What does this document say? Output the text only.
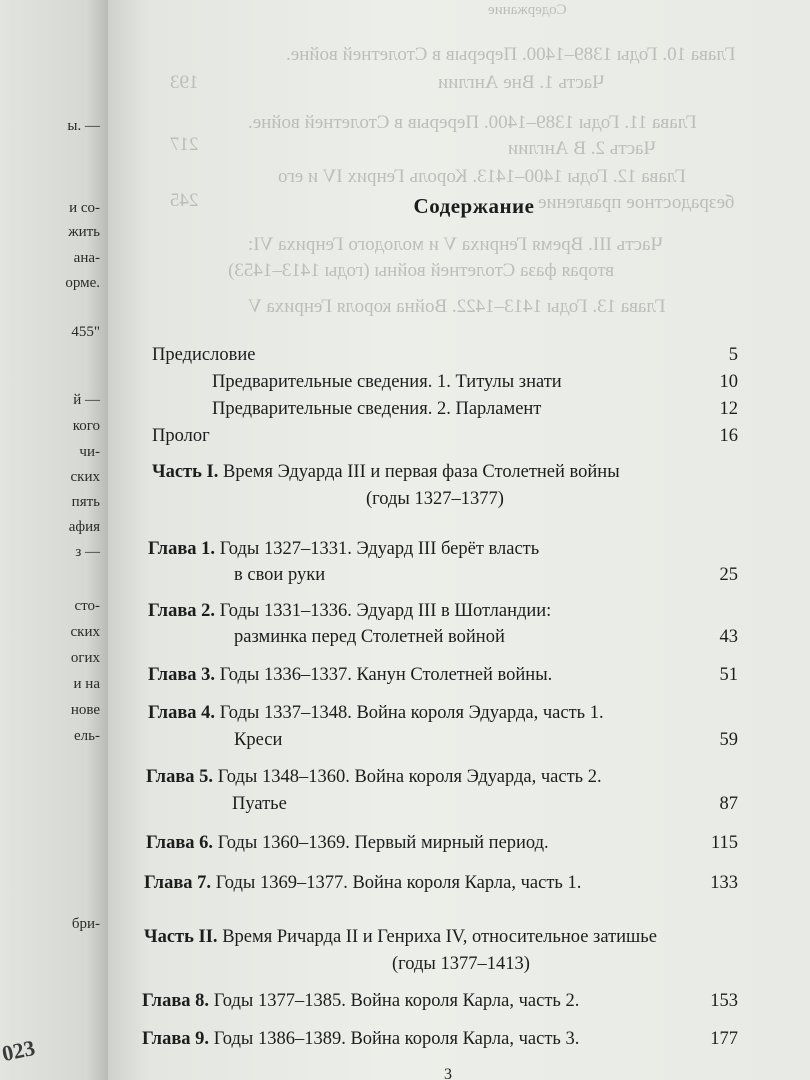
ы. —
и со-
жить
ана-
орме.
455"
й —
кого
чи-
ских
пять
афия
з —
сто-
ских
огих
и на
нове
ель-
бри-
023
Содержание
Глава 10. Годы 1389–1400. Перерыв в Столетней войне.
Часть 1. Вне Англии
193
Глава 11. Годы 1389–1400. Перерыв в Столетней войне.
Часть 2. В Англии
217
Глава 12. Годы 1400–1413. Король Генрих IV и его
безрадостное правление
245
Часть III. Время Генриха V и молодого Генриха VI:
вторая фаза Столетней войны (годы 1413–1453)
Глава 13. Годы 1413–1422. Война короля Генриха V
Содержание
Предисловие	5
Предварительные сведения. 1. Титулы знати	10
Предварительные сведения. 2. Парламент	12
Пролог	16
Часть I. Время Эдуарда III и первая фаза Столетней войны
(годы 1327–1377)
Глава 1. Годы 1327–1331. Эдуард III берёт власть
в свои руки	25
Глава 2. Годы 1331–1336. Эдуард III в Шотландии:
разминка перед Столетней войной	43
Глава 3. Годы 1336–1337. Канун Столетней войны.	51
Глава 4. Годы 1337–1348. Война короля Эдуарда, часть 1.
Креси	59
Глава 5. Годы 1348–1360. Война короля Эдуарда, часть 2.
Пуатье	87
Глава 6. Годы 1360–1369. Первый мирный период.	115
Глава 7. Годы 1369–1377. Война короля Карла, часть 1.	133
Часть II. Время Ричарда II и Генриха IV, относительное затишье
(годы 1377–1413)
Глава 8. Годы 1377–1385. Война короля Карла, часть 2.	153
Глава 9. Годы 1386–1389. Война короля Карла, часть 3.	177
3
